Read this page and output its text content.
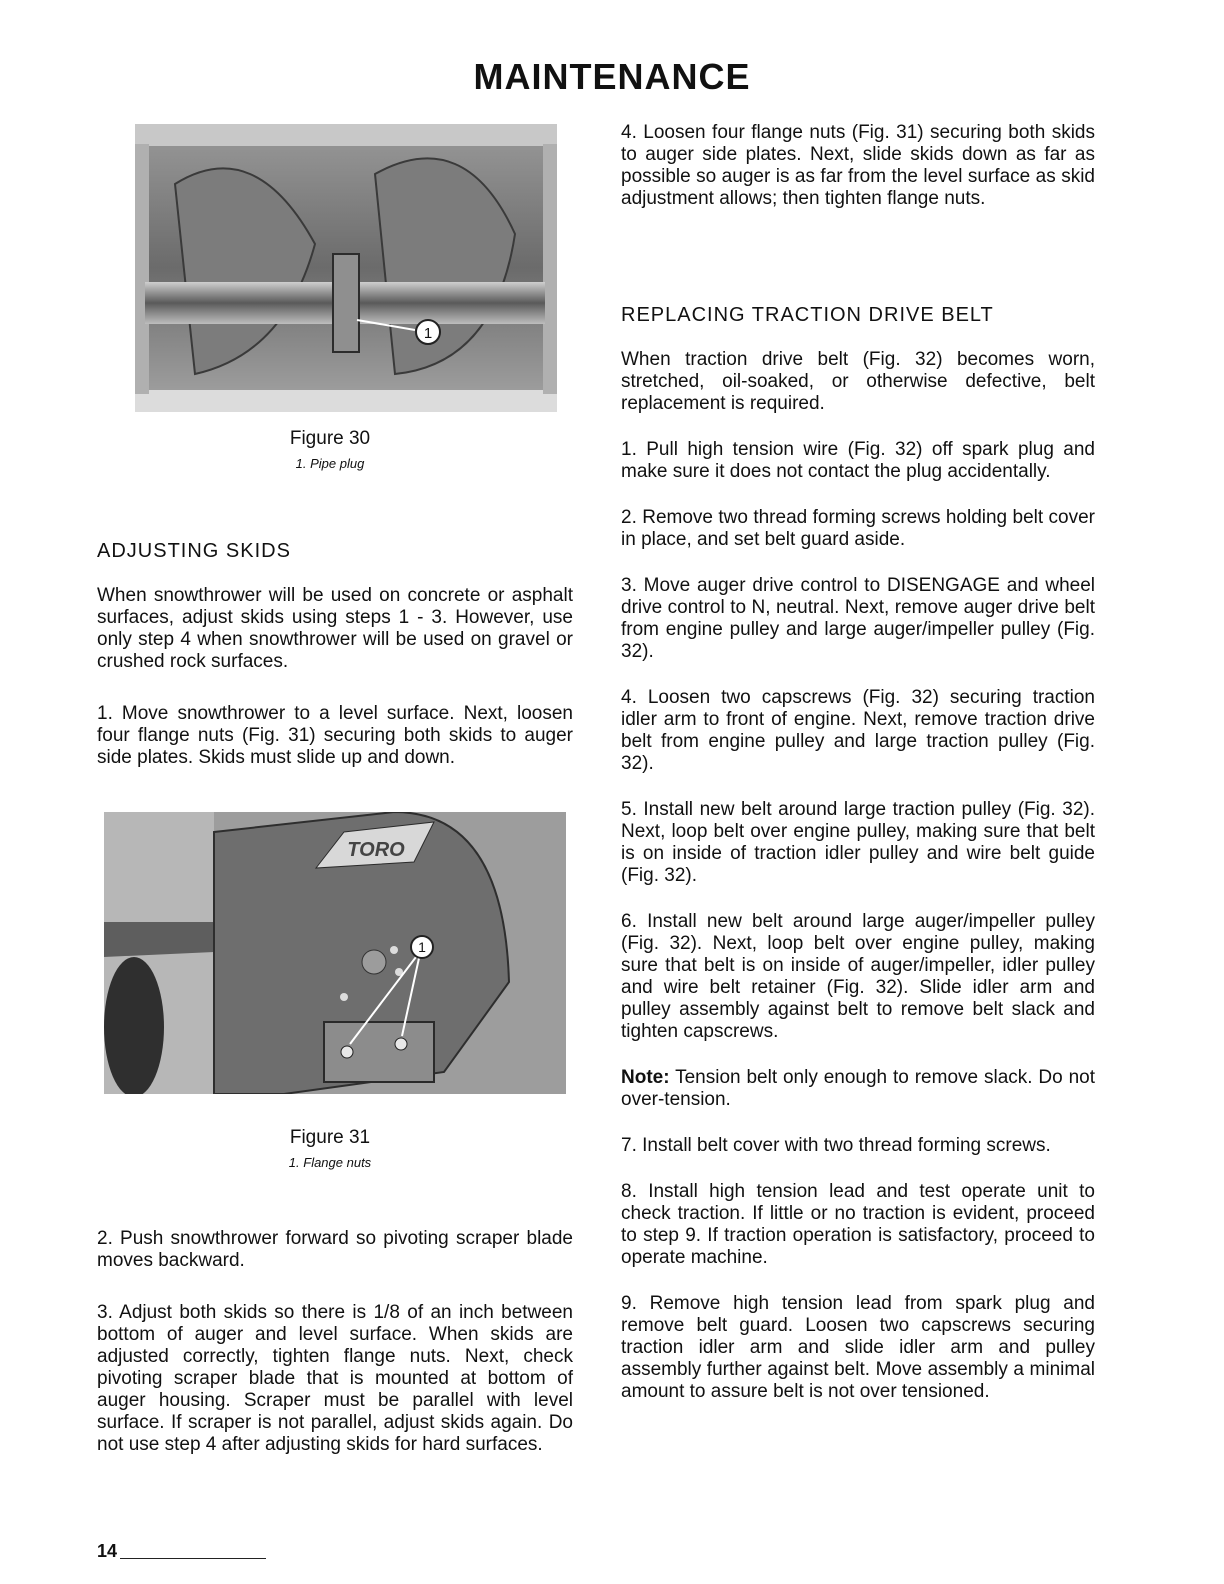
MAINTENANCE
1

Figure 30

1. Pipe plug

ADJUSTING SKIDS

When snowthrower will be used on concrete or asphalt surfaces, adjust skids using steps 1 - 3. However, use only step 4 when snowthrower will be used on gravel or crushed rock surfaces.

1. Move snowthrower to a level surface. Next, loosen four flange nuts (Fig. 31) securing both skids to auger side plates. Skids must slide up and down.

TORO
1

Figure 31

1. Flange nuts

2. Push snowthrower forward so pivoting scraper blade moves backward.

3. Adjust both skids so there is 1/8 of an inch between bottom of auger and level surface. When skids are adjusted correctly, tighten flange nuts. Next, check pivoting scraper blade that is mounted at bottom of auger housing. Scraper must be parallel with level surface. If scraper is not parallel, adjust skids again. Do not use step 4 after adjusting skids for hard surfaces.

4. Loosen four flange nuts (Fig. 31) securing both skids to auger side plates. Next, slide skids down as far as possible so auger is as far from the level surface as skid adjustment allows; then tighten flange nuts.

REPLACING TRACTION DRIVE BELT

When traction drive belt (Fig. 32) becomes worn, stretched, oil-soaked, or otherwise defective, belt replacement is required.

1. Pull high tension wire (Fig. 32) off spark plug and make sure it does not contact the plug accidentally.

2. Remove two thread forming screws holding belt cover in place, and set belt guard aside.

3. Move auger drive control to DISENGAGE and wheel drive control to N, neutral. Next, remove auger drive belt from engine pulley and large auger/impeller pulley (Fig. 32).

4. Loosen two capscrews (Fig. 32) securing traction idler arm to front of engine. Next, remove traction drive belt from engine pulley and large traction pulley (Fig. 32).

5. Install new belt around large traction pulley (Fig. 32). Next, loop belt over engine pulley, making sure that belt is on inside of traction idler pulley and wire belt guide (Fig. 32).

6. Install new belt around large auger/impeller pulley (Fig. 32). Next, loop belt over engine pulley, making sure that belt is on inside of auger/impeller, idler pulley and wire belt retainer (Fig. 32). Slide idler arm and pulley assembly against belt to remove belt slack and tighten capscrews.

Note: Tension belt only enough to remove slack. Do not over-tension.

7. Install belt cover with two thread forming screws.

8. Install high tension lead and test operate unit to check traction. If little or no traction is evident, proceed to step 9. If traction operation is satisfactory, proceed to operate machine.

9. Remove high tension lead from spark plug and remove belt guard. Loosen two capscrews securing traction idler arm and slide idler arm and pulley assembly further against belt. Move assembly a minimal amount to assure belt is not over tensioned.

14
